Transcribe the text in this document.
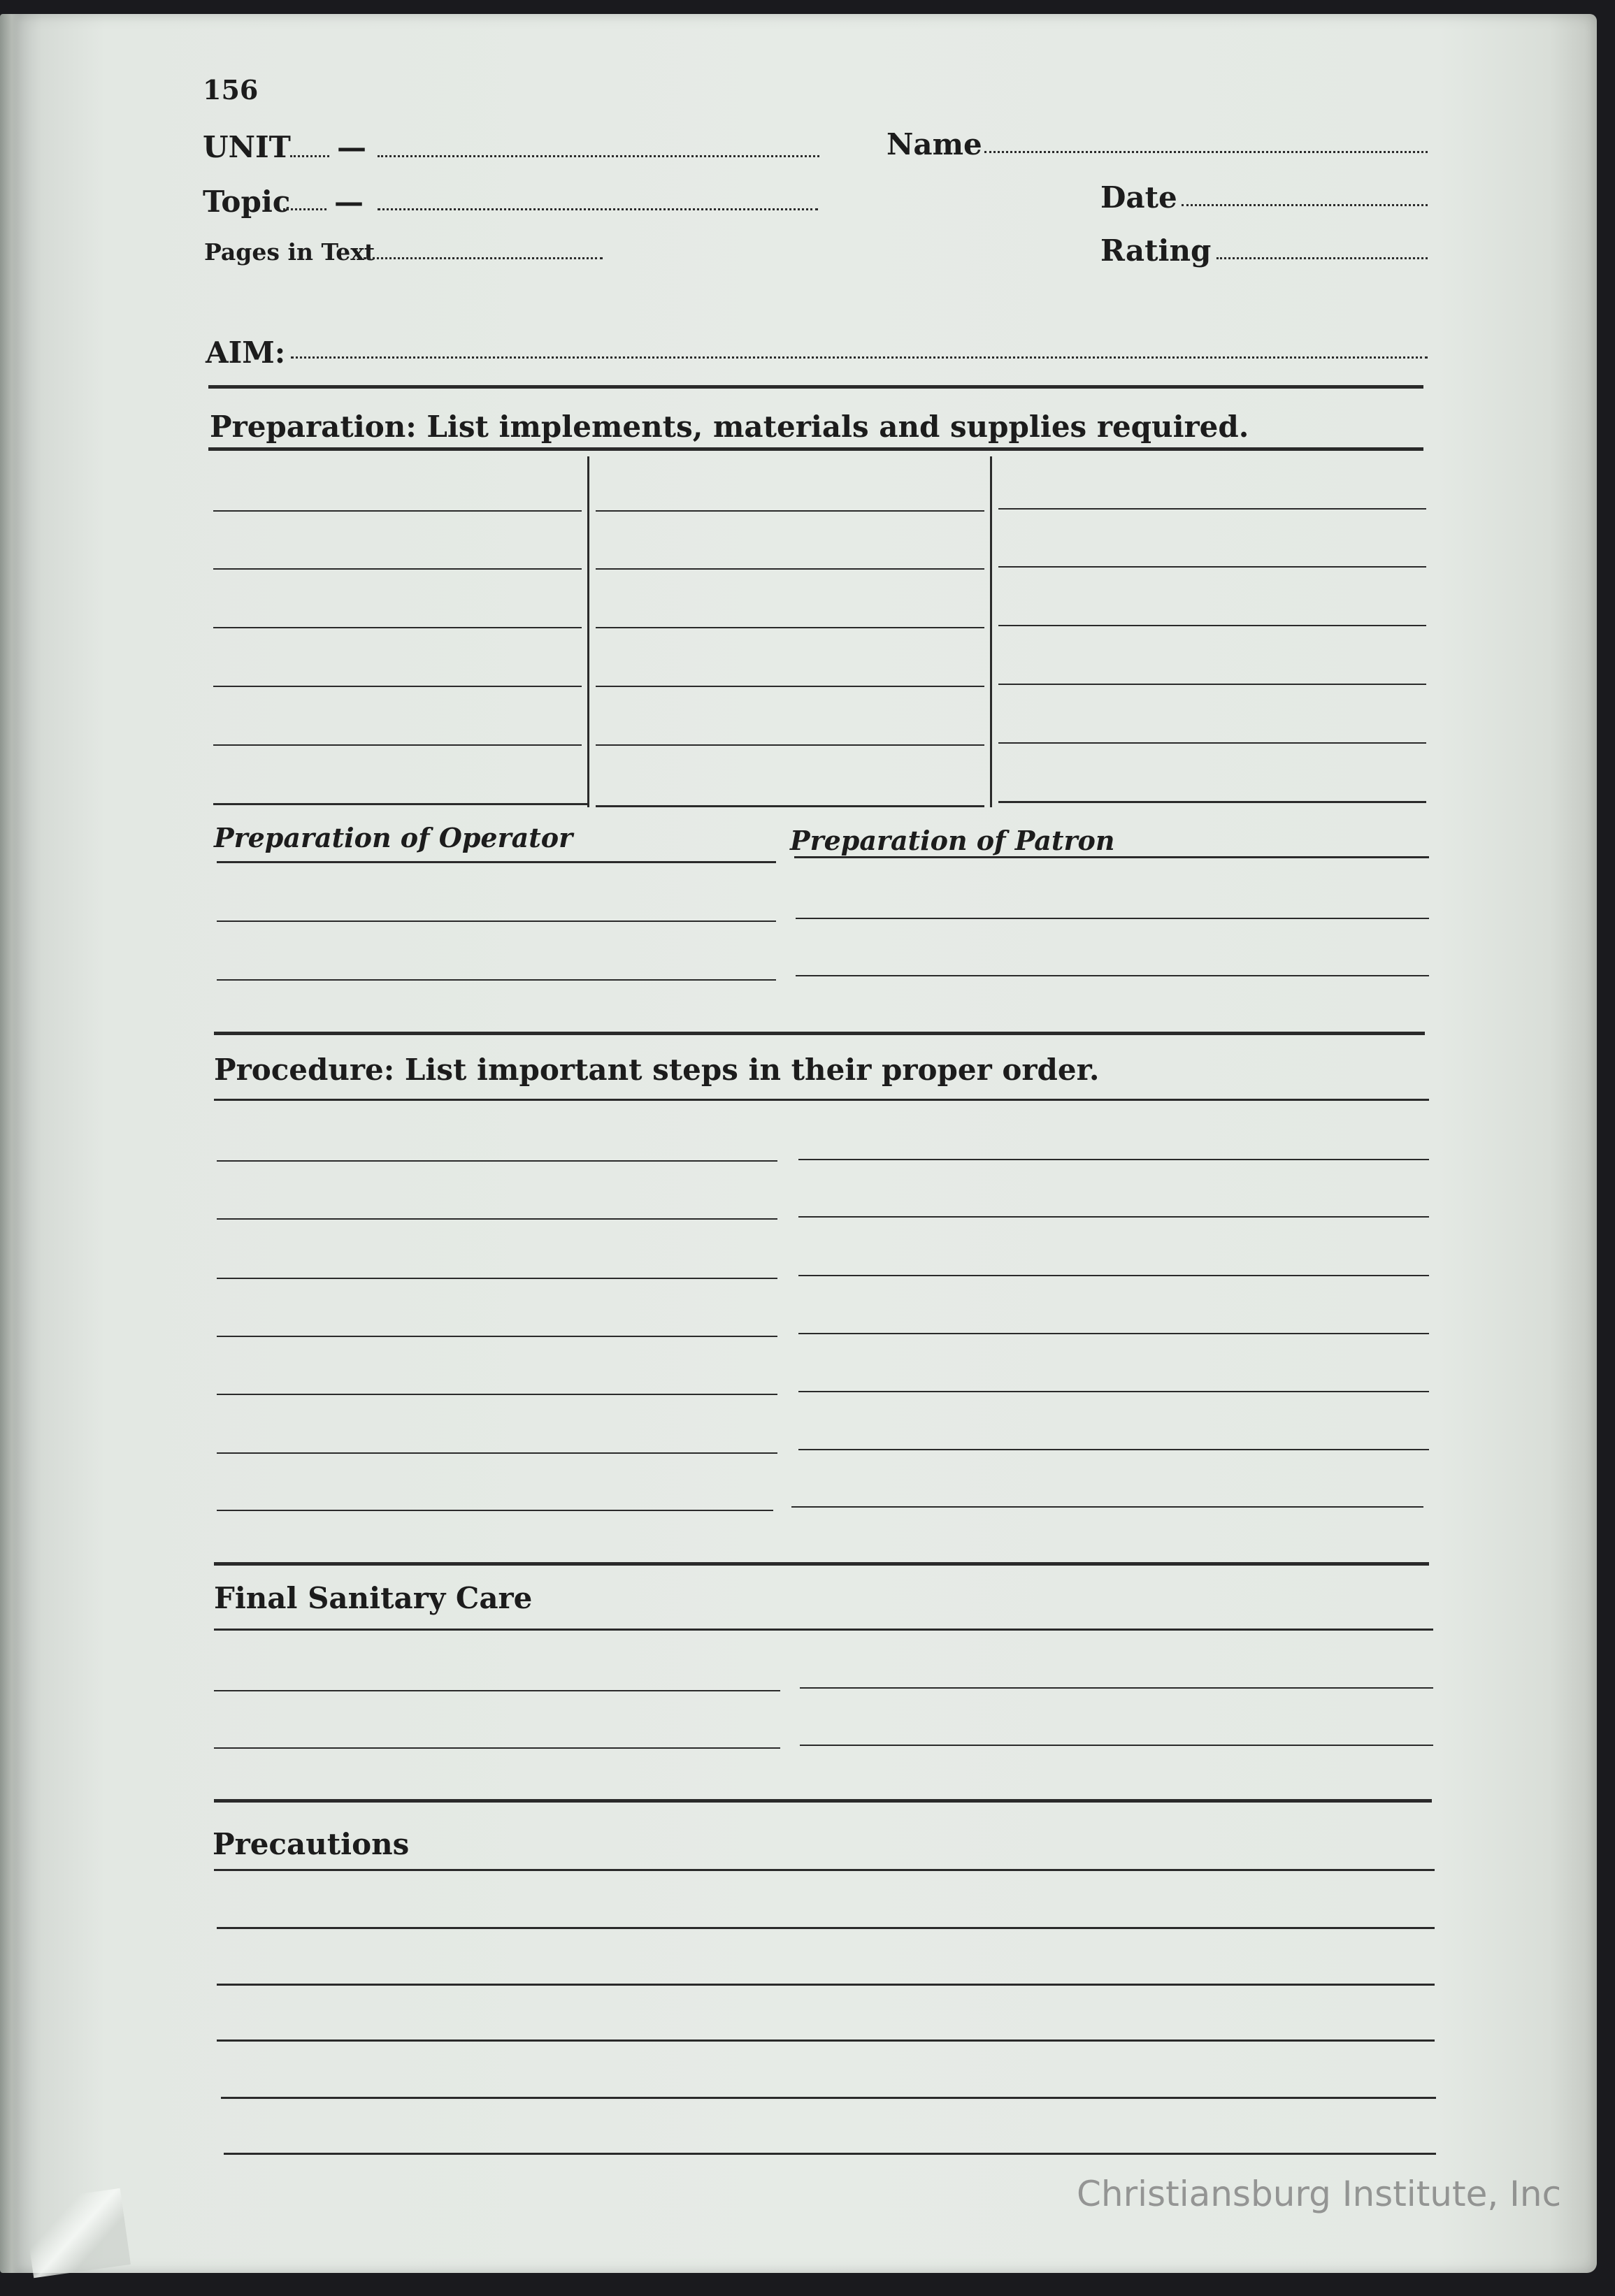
156
UNIT —
Topic —
Pages in Text
Name
Date
Rating
AIM:
Preparation: List implements, materials and supplies required.
Preparation of Operator	Preparation of Patron
Procedure: List important steps in their proper order.
Final Sanitary Care
Precautions
Christiansburg Institute, Inc
